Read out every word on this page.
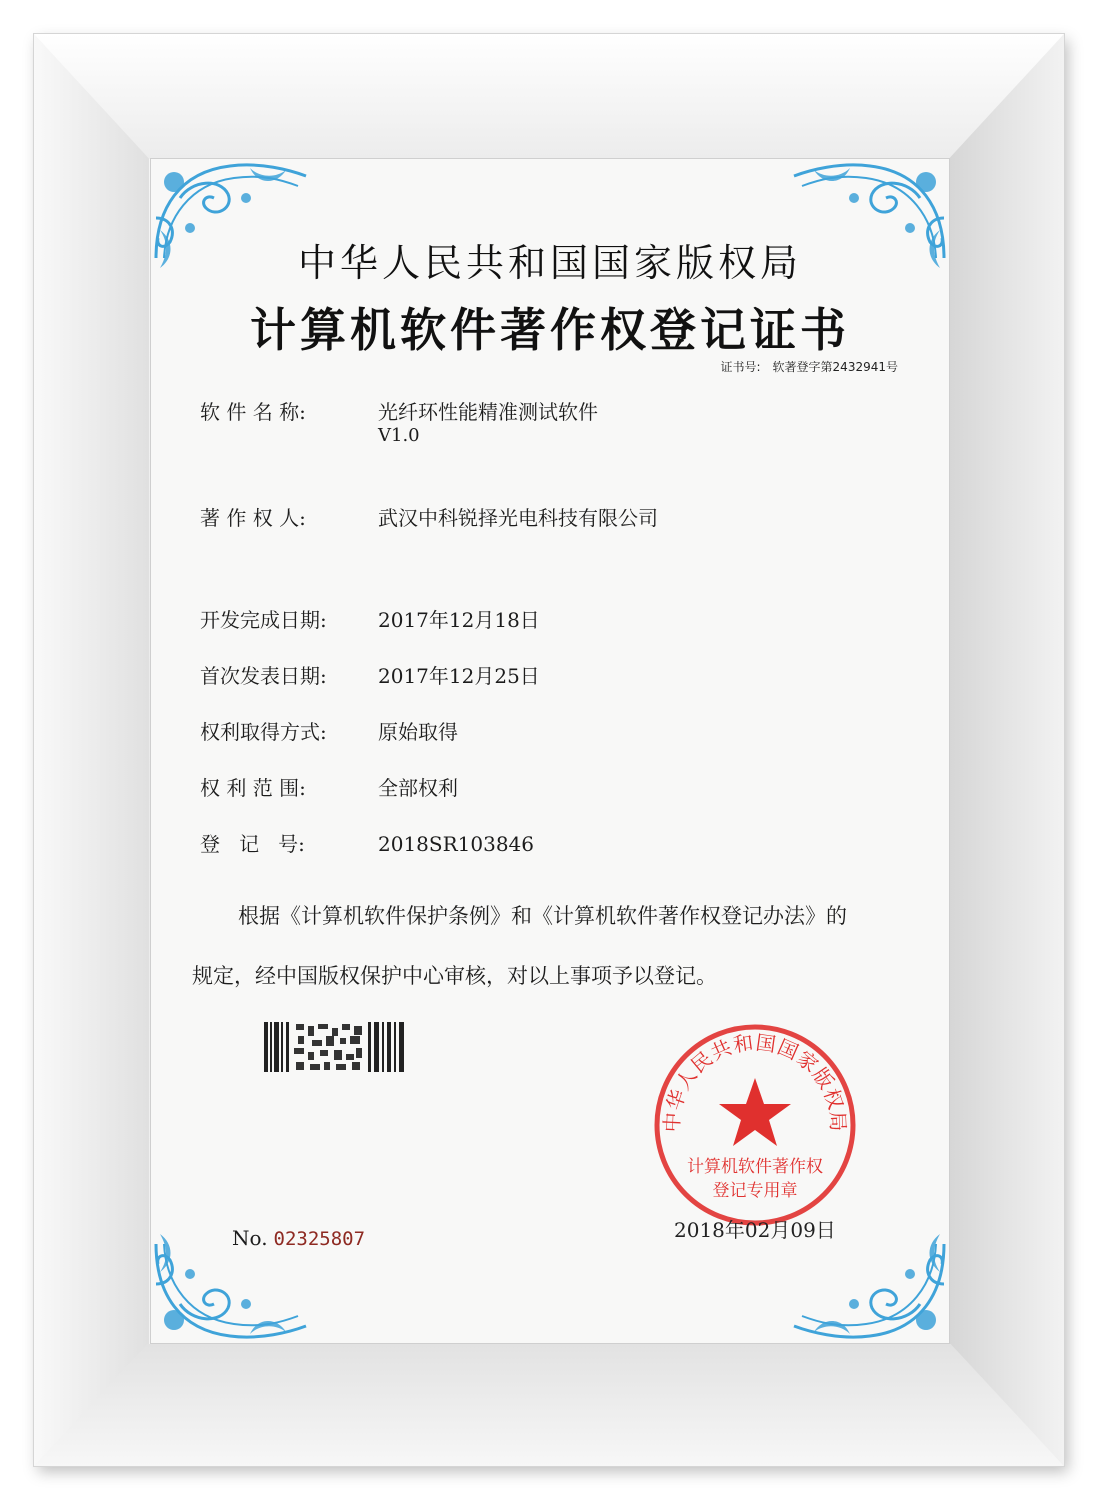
中华人民共和国国家版权局
计算机软件著作权登记证书
证书号: 软著登字第2432941号
软 件 名 称:	光纤环性能精准测试软件
V1.0
著 作 权 人:	武汉中科锐择光电科技有限公司
开发完成日期:	2017年12月18日
首次发表日期:	2017年12月25日
权利取得方式:	原始取得
权 利 范 围:	全部权利
登   记   号:	2018SR103846
根据《计算机软件保护条例》和《计算机软件著作权登记办法》的
规定，经中国版权保护中心审核，对以上事项予以登记。
No. 02325807
中华人民共和国国家版权局
计算机软件著作权
登记专用章
2018年02月09日
